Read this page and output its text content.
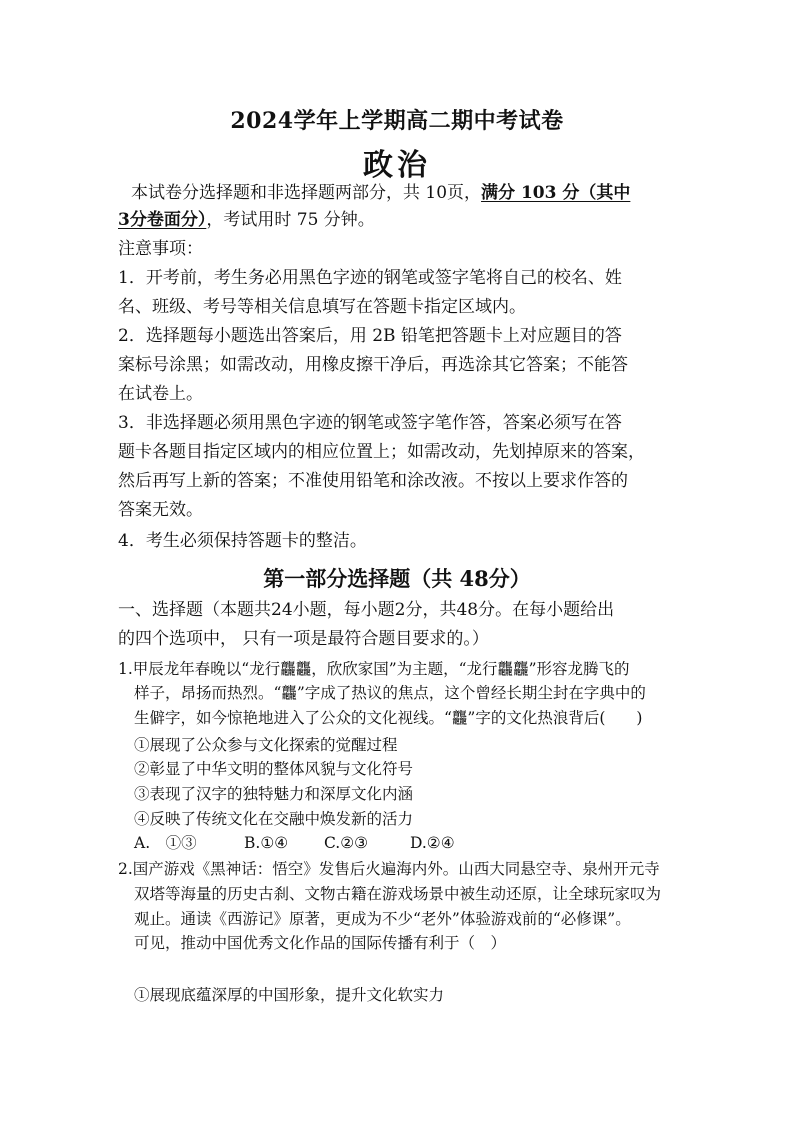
2024学年上学期高二期中考试卷
政治
本试卷分选择题和非选择题两部分，共 10页，满分 103 分（其中
3分卷面分），考试用时 75 分钟。
注意事项：
1．开考前，考生务必用黑色字迹的钢笔或签字笔将自己的校名、姓
名、班级、考号等相关信息填写在答题卡指定区域内。
2．选择题每小题选出答案后，用 2B 铅笔把答题卡上对应题目的答
案标号涂黑；如需改动，用橡皮擦干净后，再选涂其它答案；不能答
在试卷上。
3．非选择题必须用黑色字迹的钢笔或签字笔作答，答案必须写在答
题卡各题目指定区域内的相应位置上；如需改动，先划掉原来的答案，
然后再写上新的答案；不准使用铅笔和涂改液。不按以上要求作答的
答案无效。
4．考生必须保持答题卡的整洁。
第一部分选择题（共 48分）
一、选择题（本题共24小题，每小题2分，共48分。在每小题给出
的四个选项中， 只有一项是最符合题目要求的。）
1.甲辰龙年春晚以“龙行龘龘，欣欣家国”为主题，“龙行龘龘”形容龙腾飞的
样子，昂扬而热烈。“龘”字成了热议的焦点，这个曾经长期尘封在字典中的
生僻字，如今惊艳地进入了公众的文化视线。“龘”字的文化热浪背后(　　)
①展现了公众参与文化探索的觉醒过程
②彰显了中华文明的整体风貌与文化符号
③表现了汉字的独特魅力和深厚文化内涵
④反映了传统文化在交融中焕发新的活力
A.　①③	B.①④ C.②③	D.②④
2.国产游戏《黑神话：悟空》发售后火遍海内外。山西大同悬空寺、泉州开元寺
双塔等海量的历史古刹、文物古籍在游戏场景中被生动还原，让全球玩家叹为
观止。通读《西游记》原著，更成为不少“老外”体验游戏前的“必修课”。
可见，推动中国优秀文化作品的国际传播有利于（　）
①展现底蕴深厚的中国形象，提升文化软实力
